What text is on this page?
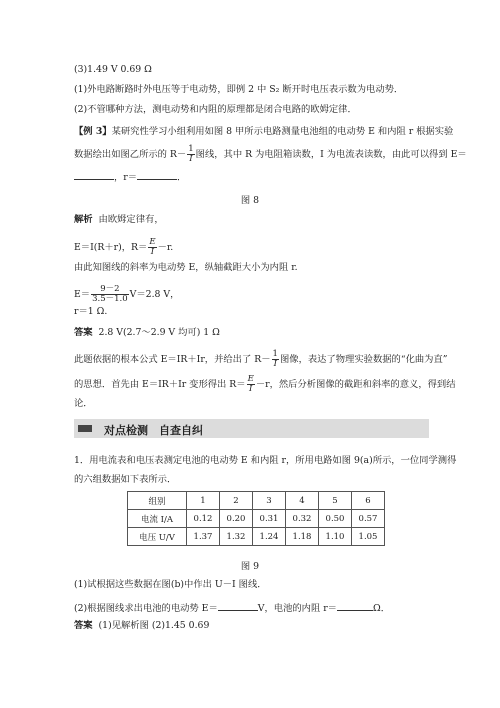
(3)1.49 V 0.69 Ω
(1)外电路断路时外电压等于电动势，即例 2 中 S₂ 断开时电压表示数为电动势．
(2)不管哪种方法，测电动势和内阻的原理都是闭合电路的欧姆定律．
【例 3】某研究性学习小组利用如图 8 甲所示电路测量电池组的电动势 E 和内阻 r 根据实验
数据绘出如图乙所示的 $R- \frac{1}{I}$ 图线，其中 R 为电阻箱读数，I 为电流表读数，由此可以得到 E＝
，r＝	．
图 8
解析 由欧姆定律有，
E＝I(R＋r)，$R= \frac{E}{I} -r$.
由此知图线的斜率为电动势 E，纵轴截距大小为内阻 r.
$E= \frac{9-2}{3.5-1.0} V=2.8$ V，
r＝1 Ω.
答案 2.8 V(2.7～2.9 V 均可) 1 Ω
此题依据的根本公式 E＝IR＋Ir，并给出了 $R- \frac{1}{I}$ 图像，表达了物理实验数据的“化曲为直”
的思想．首先由 E＝IR＋Ir 变形得出 $R= \frac{E}{I} -r$，然后分析图像的截距和斜率的意义，得到结
论．
对点检测　自查自纠
1．用电流表和电压表测定电池的电动势 E 和内阻 r，所用电路如图 9(a)所示，一位同学测得
的六组数据如下表所示．
组别	1	2	3	4	5	6
电流 I/A	0.12	0.20	0.31	0.32	0.50	0.57
电压 U/V	1.37	1.32	1.24	1.18	1.10	1.05
图 9
(1)试根据这些数据在图(b)中作出 U－I 图线．
(2)根据图线求出电池的电动势 E＝	V，电池的内阻 r＝	Ω．
答案 (1)见解析图 (2)1.45 0.69
